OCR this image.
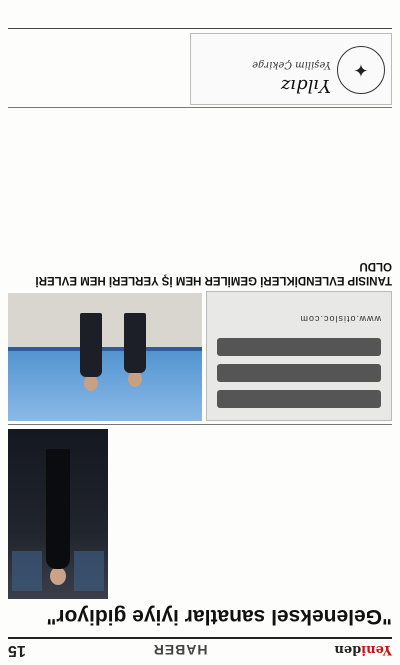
Yeniden
HABER
15
"Geleneksel sanatlar iyiye gidiyor"
www.otisloc.com
TANISIP EVLENDİKLERİ GEMİLER HEM İŞ YERLERİ HEM EVLERİ OLDU
✦
Yıldız
Yeşilim Çekirge
